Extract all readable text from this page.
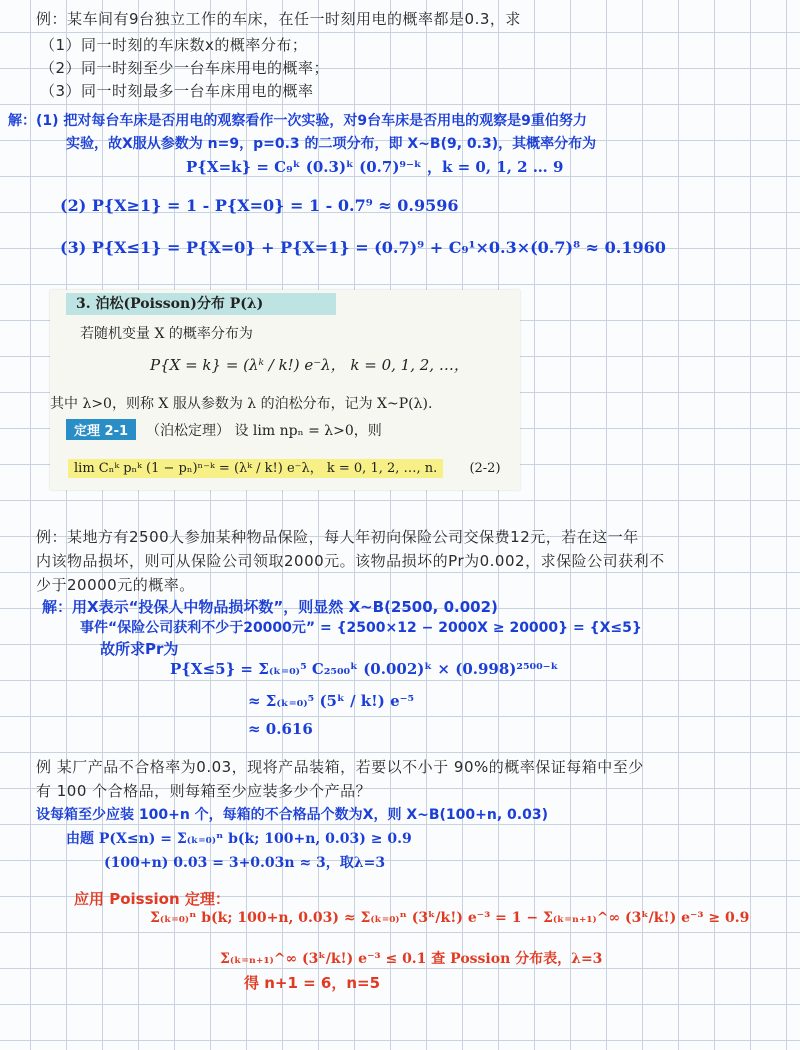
例：某车间有9台独立工作的车床，在任一时刻用电的概率都是0.3，求
（1）同一时刻的车床数x的概率分布；
（2）同一时刻至少一台车床用电的概率；
（3）同一时刻最多一台车床用电的概率
解：(1) 把对每台车床是否用电的观察看作一次实验，对9台车床是否用电的观察是9重伯努力
实验，故X服从参数为 n=9，p=0.3 的二项分布，即 X~B(9, 0.3)，其概率分布为
P{X=k} = C₉ᵏ (0.3)ᵏ (0.7)⁹⁻ᵏ ，k = 0, 1, 2 … 9
(2) P{X≥1} = 1 - P{X=0} = 1 - 0.7⁹ ≈ 0.9596
(3) P{X≤1} = P{X=0} + P{X=1} = (0.7)⁹ + C₉¹×0.3×(0.7)⁸ ≈ 0.1960
3. 泊松(Poisson)分布 P(λ)
若随机变量 X 的概率分布为
P{X = k} = (λᵏ / k!) e⁻λ， k = 0, 1, 2, …，
其中 λ>0，则称 X 服从参数为 λ 的泊松分布，记为 X~P(λ).
定理 2-1 （泊松定理） 设 lim npₙ = λ>0，则
lim Cₙᵏ pₙᵏ (1 − pₙ)ⁿ⁻ᵏ = (λᵏ / k!) e⁻λ， k = 0, 1, 2, …, n. (2-2)
例：某地方有2500人参加某种物品保险，每人年初向保险公司交保费12元，若在这一年
内该物品损坏，则可从保险公司领取2000元。该物品损坏的Pr为0.002，求保险公司获利不
少于20000元的概率。
解：用X表示“投保人中物品损坏数”，则显然 X~B(2500, 0.002)
事件“保险公司获利不少于20000元” = {2500×12 − 2000X ≥ 20000} = {X≤5}
故所求Pr为
P{X≤5} = Σ₍ₖ₌₀₎⁵ C₂₅₀₀ᵏ (0.002)ᵏ × (0.998)²⁵⁰⁰⁻ᵏ
≈ Σ₍ₖ₌₀₎⁵ (5ᵏ / k!) e⁻⁵
≈ 0.616
例 某厂产品不合格率为0.03，现将产品装箱，若要以不小于 90%的概率保证每箱中至少
有 100 个合格品，则每箱至少应装多少个产品？
设每箱至少应装 100+n 个，每箱的不合格品个数为X，则 X~B(100+n, 0.03)
由题 P(X≤n) = Σ₍ₖ₌₀₎ⁿ b(k; 100+n, 0.03) ≥ 0.9
(100+n) 0.03 = 3+0.03n ≈ 3，取λ=3
应用 Poission 定理：
Σ₍ₖ₌₀₎ⁿ b(k; 100+n, 0.03) ≈ Σ₍ₖ₌₀₎ⁿ (3ᵏ/k!) e⁻³ = 1 − Σ₍ₖ₌ₙ₊₁₎^∞ (3ᵏ/k!) e⁻³ ≥ 0.9
Σ₍ₖ₌ₙ₊₁₎^∞ (3ᵏ/k!) e⁻³ ≤ 0.1 查 Possion 分布表，λ=3
得 n+1 = 6，n=5
